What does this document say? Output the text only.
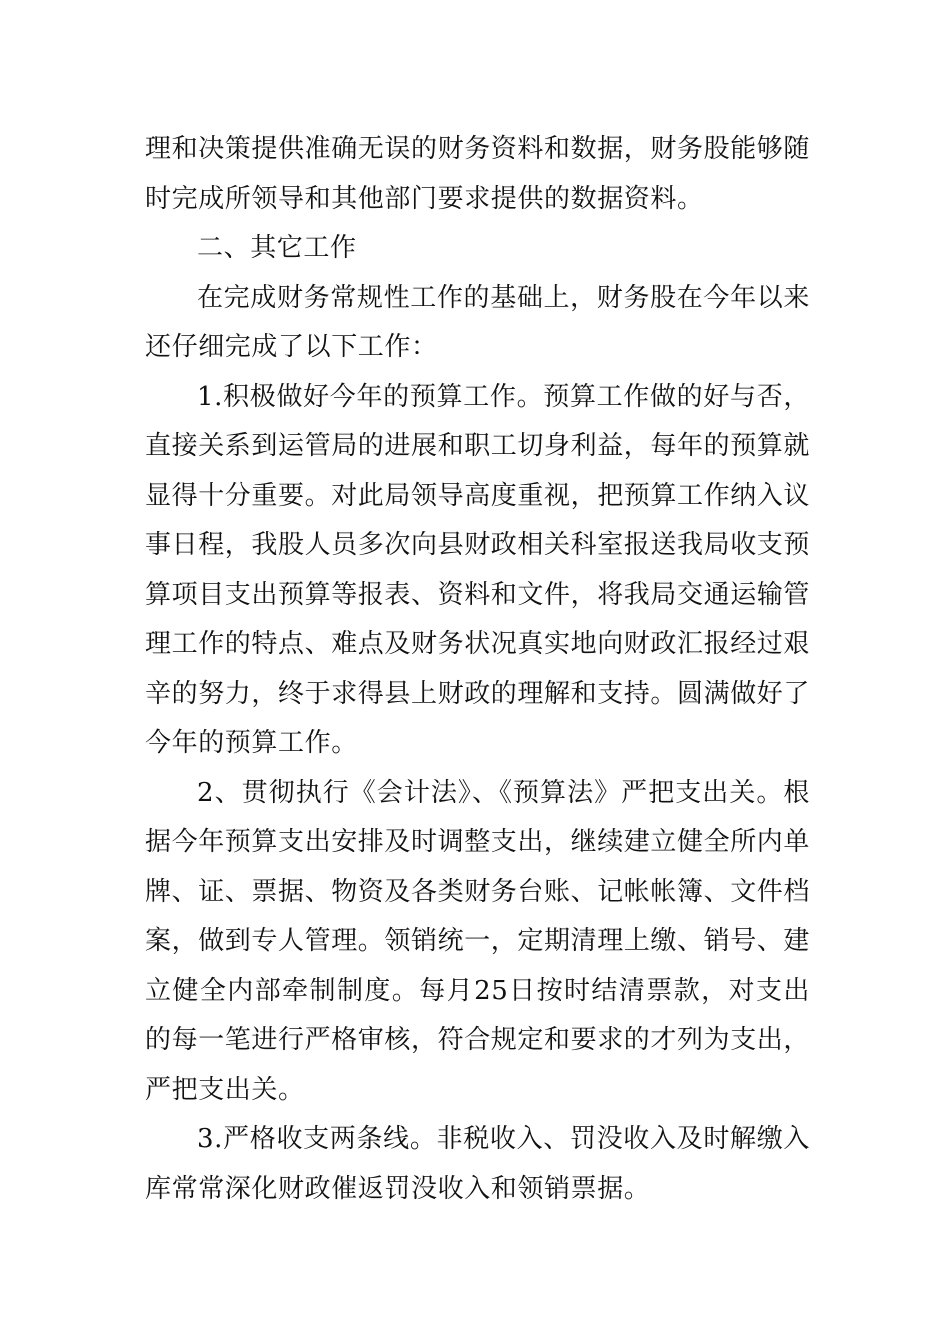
理和决策提供准确无误的财务资料和数据，财务股能够随时完成所领导和其他部门要求提供的数据资料。

二、其它工作

在完成财务常规性工作的基础上，财务股在今年以来还仔细完成了以下工作：

1.积极做好今年的预算工作。预算工作做的好与否，直接关系到运管局的进展和职工切身利益，每年的预算就显得十分重要。对此局领导高度重视，把预算工作纳入议事日程，我股人员多次向县财政相关科室报送我局收支预算项目支出预算等报表、资料和文件，将我局交通运输管理工作的特点、难点及财务状况真实地向财政汇报经过艰辛的努力，终于求得县上财政的理解和支持。圆满做好了今年的预算工作。

2、贯彻执行《会计法》、《预算法》严把支出关。根据今年预算支出安排及时调整支出，继续建立健全所内单牌、证、票据、物资及各类财务台账、记帐帐簿、文件档案，做到专人管理。领销统一，定期清理上缴、销号、建立健全内部牵制制度。每月25日按时结清票款，对支出的每一笔进行严格审核，符合规定和要求的才列为支出，严把支出关。

3.严格收支两条线。非税收入、罚没收入及时解缴入库常常深化财政催返罚没收入和领销票据。
